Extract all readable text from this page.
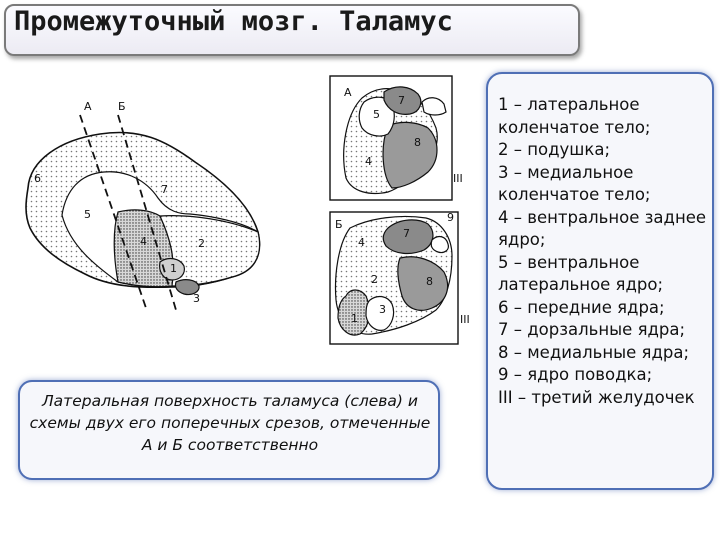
Промежуточный мозг. Таламус
А Б
6
7
5
4	2
1
3
А
7
5
8
4
III
Б
9
7
4
2	8
3
1	III
Латеральная поверхность таламуса (слева) и схемы двух его поперечных срезов, отмеченные А и Б соответственно
1 – латеральное коленчатое тело;
2 – подушка;
3 – медиальное коленчатое тело;
4 – вентральное заднее ядро;
5 – вентральное латеральное ядро;
6 – передние ядра;
7 – дорзальные ядра;
8 – медиальные ядра;
9 – ядро поводка;
III – третий желудочек
